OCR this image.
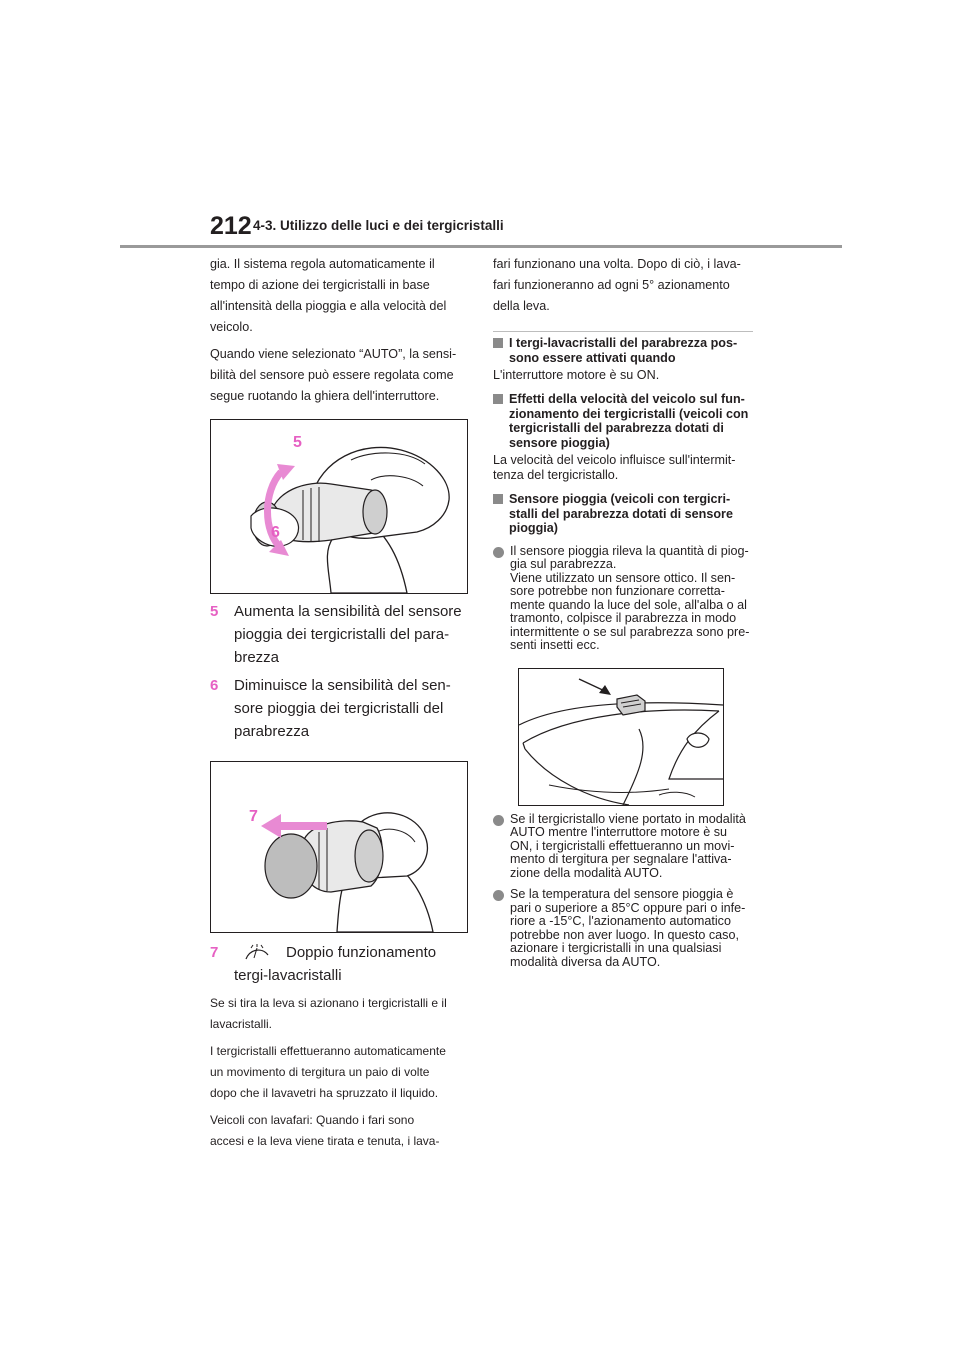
212 4-3. Utilizzo delle luci e dei tergicristalli
gia. Il sistema regola automaticamente il
tempo di azione dei tergicristalli in base
all'intensità della pioggia e alla velocità del
veicolo.
Quando viene selezionato “AUTO”, la sensi-
bilità del sensore può essere regolata come
segue ruotando la ghiera dell'interruttore.
5
6
5	Aumenta la sensibilità del sensore
pioggia dei tergicristalli del para-
brezza
6	Diminuisce la sensibilità del sen-
sore pioggia dei tergicristalli del
parabrezza
7
7	Doppio funzionamento
tergi-lavacristalli
Se si tira la leva si azionano i tergicristalli e il
lavacristalli.
I tergicristalli effettueranno automaticamente
un movimento di tergitura un paio di volte
dopo che il lavavetri ha spruzzato il liquido.
Veicoli con lavafari: Quando i fari sono
accesi e la leva viene tirata e tenuta, i lava-
fari funzionano una volta. Dopo di ciò, i lava-
fari funzioneranno ad ogni 5° azionamento
della leva.
I tergi-lavacristalli del parabrezza pos-
sono essere attivati quando
L'interruttore motore è su ON.
Effetti della velocità del veicolo sul fun-
zionamento dei tergicristalli (veicoli con
tergicristalli del parabrezza dotati di
sensore pioggia)
La velocità del veicolo influisce sull'intermit-
tenza del tergicristallo.
Sensore pioggia (veicoli con tergicri-
stalli del parabrezza dotati di sensore
pioggia)
Il sensore pioggia rileva la quantità di piog-
gia sul parabrezza.
Viene utilizzato un sensore ottico. Il sen-
sore potrebbe non funzionare corretta-
mente quando la luce del sole, all'alba o al
tramonto, colpisce il parabrezza in modo
intermittente o se sul parabrezza sono pre-
senti insetti ecc.
Se il tergicristallo viene portato in modalità
AUTO mentre l'interruttore motore è su
ON, i tergicristalli effettueranno un movi-
mento di tergitura per segnalare l'attiva-
zione della modalità AUTO.
Se la temperatura del sensore pioggia è
pari o superiore a 85°C oppure pari o infe-
riore a -15°C, l'azionamento automatico
potrebbe non aver luogo. In questo caso,
azionare i tergicristalli in una qualsiasi
modalità diversa da AUTO.
